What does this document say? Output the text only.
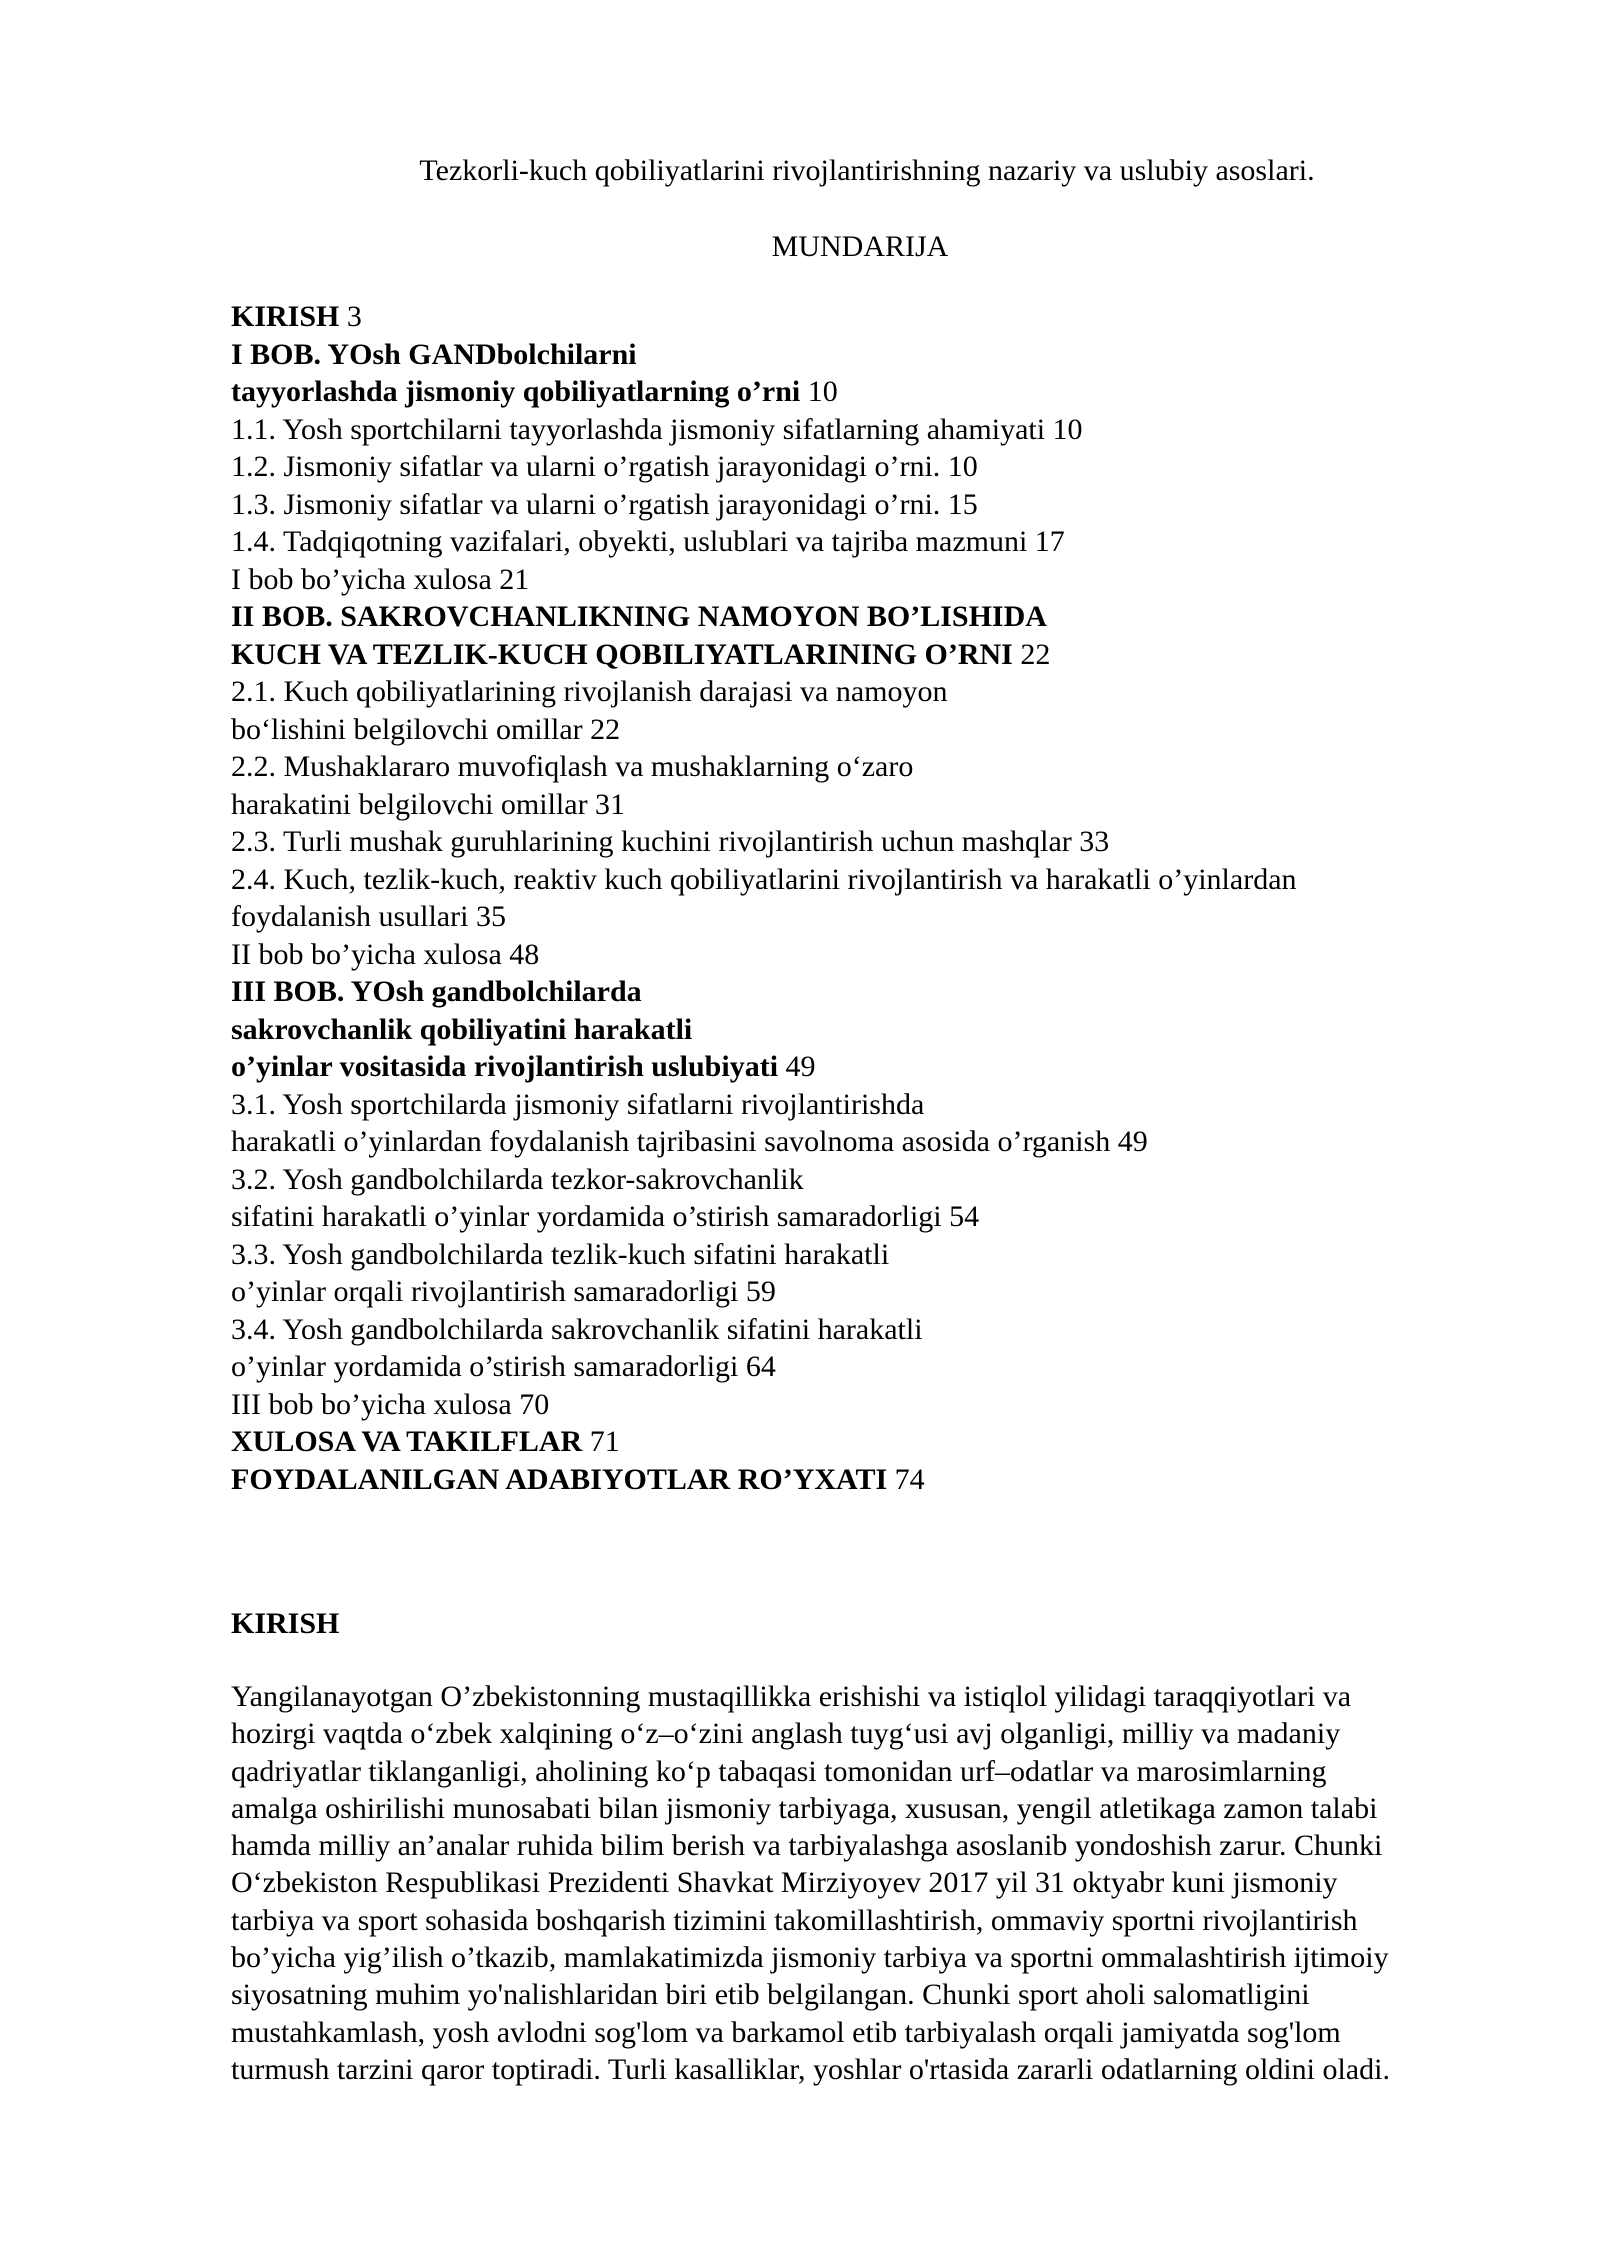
Tezkorli-kuch qobiliyatlarini rivojlantirishning nazariy va uslubiy asoslari.
MUNDARIJA
KIRISH 3
I BOB. YOsh GANDbolchilarni
tayyorlashda jismoniy qobiliyatlarning o’rni 10
1.1. Yosh sportchilarni tayyorlashda jismoniy sifatlarning ahamiyati 10
1.2. Jismoniy sifatlar va ularni o’rgatish jarayonidagi o’rni. 10
1.3. Jismoniy sifatlar va ularni o’rgatish jarayonidagi o’rni. 15
1.4. Tadqiqotning vazifalari, obyekti, uslublari va tajriba mazmuni 17
I bob bo’yicha xulosa 21
II BOB. SAKROVCHANLIKNING NAMOYON BO’LISHIDA
KUCH VA TEZLIK-KUCH QOBILIYATLARINING O’RNI 22
2.1. Kuch qobiliyatlarining rivojlanish darajasi va namoyon
bo‘lishini belgilovchi omillar 22
2.2. Mushaklararo muvofiqlash va mushaklarning o‘zaro
harakatini belgilovchi omillar 31
2.3. Turli mushak guruhlarining kuchini rivojlantirish uchun mashqlar 33
2.4. Kuch, tezlik-kuch, reaktiv kuch qobiliyatlarini rivojlantirish va harakatli o’yinlardan
foydalanish usullari 35
II bob bo’yicha xulosa 48
III BOB. YOsh gandbolchilarda
sakrovchanlik qobiliyatini harakatli
o’yinlar vositasida rivojlantirish uslubiyati 49
3.1. Yosh sportchilarda jismoniy sifatlarni rivojlantirishda
harakatli o’yinlardan foydalanish tajribasini savolnoma asosida o’rganish 49
3.2. Yosh gandbolchilarda tezkor-sakrovchanlik
sifatini harakatli o’yinlar yordamida o’stirish samaradorligi 54
3.3. Yosh gandbolchilarda tezlik-kuch sifatini harakatli
o’yinlar orqali rivojlantirish samaradorligi 59
3.4. Yosh gandbolchilarda sakrovchanlik sifatini harakatli
o’yinlar yordamida o’stirish samaradorligi 64
III bob bo’yicha xulosa 70
XULOSA VA TAKILFLAR 71
FOYDALANILGAN ADABIYOTLAR RO’YXATI 74
KIRISH
Yangilanayotgan O’zbekistonning mustaqillikka erishishi va istiqlol yilidagi taraqqiyotlari va
hozirgi vaqtda o‘zbek xalqining o‘z–o‘zini anglash tuyg‘usi avj olganligi, milliy va madaniy
qadriyatlar tiklanganligi, aholining ko‘p tabaqasi tomonidan urf–odatlar va marosimlarning
amalga oshirilishi munosabati bilan jismoniy tarbiyaga, xususan, yengil atletikaga zamon talabi
hamda milliy an’analar ruhida bilim berish va tarbiyalashga asoslanib yondoshish zarur. Chunki
O‘zbekiston Respublikasi Prezidenti Shavkat Mirziyoyev 2017 yil 31 oktyabr kuni jismoniy
tarbiya va sport sohasida boshqarish tizimini takomillashtirish, ommaviy sportni rivojlantirish
bo’yicha yig’ilish o’tkazib, mamlakatimizda jismoniy tarbiya va sportni ommalashtirish ijtimoiy
siyosatning muhim yo'nalishlaridan biri etib belgilangan. Chunki sport aholi salomatligini
mustahkamlash, yosh avlodni sog'lom va barkamol etib tarbiyalash orqali jamiyatda sog'lom
turmush tarzini qaror toptiradi. Turli kasalliklar, yoshlar o'rtasida zararli odatlarning oldini oladi.
